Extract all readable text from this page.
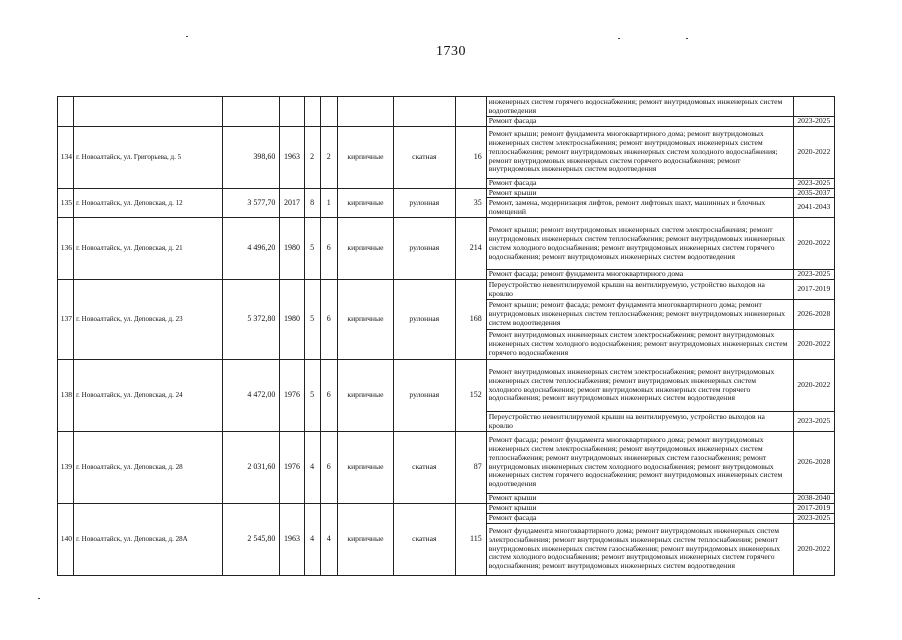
1730
									инженерных систем горячего водоснабжения; ремонт внутридомовых инженерных систем водоотведения	
									Ремонт фасада	2023-2025
134	г. Новоалтайск, ул. Григорьева, д. 5	398,60	1963	2	2	кирпичные	скатная	16	Ремонт крыши; ремонт фундамента многоквартирного дома; ремонт внутридомовых инженерных систем электроснабжения; ремонт внутридомовых инженерных систем теплоснабжения; ремонт внутридомовых инженерных систем холодного водоснабжения; ремонт внутридомовых инженерных систем горячего водоснабжения; ремонт внутридомовых инженерных систем водоотведения	2020-2022
									Ремонт фасада	2023-2025
135	г. Новоалтайск, ул. Деповская, д. 12	3 577,70	2017	8	1	кирпичные	рулонная	35	Ремонт крыши	2035-2037
									Ремонт, замена, модернизация лифтов, ремонт лифтовых шахт, машинных и блочных помещений	2041-2043
136	г. Новоалтайск, ул. Деповская, д. 21	4 496,20	1980	5	6	кирпичные	рулонная	214	Ремонт крыши; ремонт внутридомовых инженерных систем электроснабжения; ремонт внутридомовых инженерных систем теплоснабжения; ремонт внутридомовых инженерных систем холодного водоснабжения; ремонт внутридомовых инженерных систем горячего водоснабжения; ремонт внутридомовых инженерных систем водоотведения	2020-2022
									Ремонт фасада; ремонт фундамента многоквартирного дома	2023-2025
137	г. Новоалтайск, ул. Деповская, д. 23	5 372,80	1980	5	6	кирпичные	рулонная	168	Переустройство невентилируемой крыши на вентилируемую, устройство выходов на кровлю	2017-2019
									Ремонт крыши; ремонт фасада; ремонт фундамента многоквартирного дома; ремонт внутридомовых инженерных систем теплоснабжения; ремонт внутридомовых инженерных систем водоотведения	2026-2028
									Ремонт внутридомовых инженерных систем электроснабжения; ремонт внутридомовых инженерных систем холодного водоснабжения; ремонт внутридомовых инженерных систем горячего водоснабжения	2020-2022
138	г. Новоалтайск, ул. Деповская, д. 24	4 472,00	1976	5	6	кирпичные	рулонная	152	Ремонт внутридомовых инженерных систем электроснабжения; ремонт внутридомовых инженерных систем теплоснабжения; ремонт внутридомовых инженерных систем холодного водоснабжения; ремонт внутридомовых инженерных систем горячего водоснабжения; ремонт внутридомовых инженерных систем водоотведения	2020-2022
									Переустройство невентилируемой крыши на вентилируемую, устройство выходов на кровлю	2023-2025
139	г. Новоалтайск, ул. Деповская, д. 28	2 031,60	1976	4	6	кирпичные	скатная	87	Ремонт фасада; ремонт фундамента многоквартирного дома; ремонт внутридомовых инженерных систем электроснабжения; ремонт внутридомовых инженерных систем теплоснабжения; ремонт внутридомовых инженерных систем газоснабжения; ремонт внутридомовых инженерных систем холодного водоснабжения; ремонт внутридомовых инженерных систем горячего водоснабжения; ремонт внутридомовых инженерных систем водоотведения	2026-2028
									Ремонт крыши	2038-2040
140	г. Новоалтайск, ул. Деповская, д. 28А	2 545,80	1963	4	4	кирпичные	скатная	115	Ремонт крыши	2017-2019
									Ремонт фасада	2023-2025
									Ремонт фундамента многоквартирного дома; ремонт внутридомовых инженерных систем электроснабжения; ремонт внутридомовых инженерных систем теплоснабжения; ремонт внутридомовых инженерных систем газоснабжения; ремонт внутридомовых инженерных систем холодного водоснабжения; ремонт внутридомовых инженерных систем горячего водоснабжения; ремонт внутридомовых инженерных систем водоотведения	2020-2022
